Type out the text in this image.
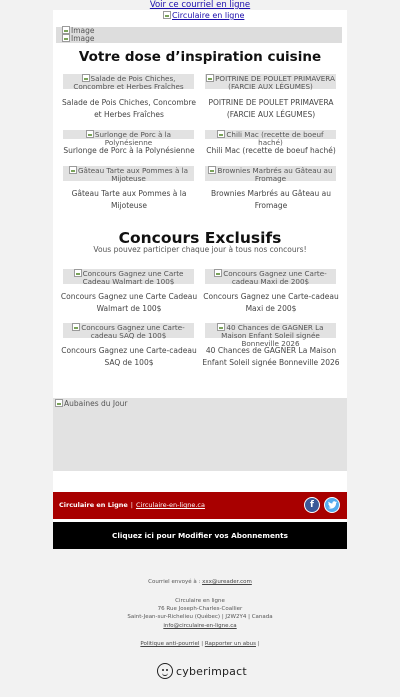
Voir ce courriel en ligne
Circulaire en ligne
Image
Image
Votre dose d’inspiration cuisine
Salade de Pois Chiches, Concombre et Herbes Fraîches
POITRINE DE POULET PRIMAVERA (FARCIE AUX LÉGUMES)
Salade de Pois Chiches, Concombre et Herbes Fraîches
POITRINE DE POULET PRIMAVERA (FARCIE AUX LÉGUMES)
Surlonge de Porc à la Polynésienne
Chili Mac (recette de boeuf haché)
Surlonge de Porc à la Polynésienne	Chili Mac (recette de boeuf haché)
Gâteau Tarte aux Pommes à la Mijoteuse
Brownies Marbrés au Gâteau au Fromage
Gâteau Tarte aux Pommes à la Mijoteuse
Brownies Marbrés au Gâteau au Fromage
Concours Exclusifs
Vous pouvez participer chaque jour à tous nos concours!
Concours Gagnez une Carte Cadeau Walmart de 100$
Concours Gagnez une Carte-cadeau Maxi de 200$
Concours Gagnez une Carte Cadeau Walmart de 100$
Concours Gagnez une Carte-cadeau Maxi de 200$
Concours Gagnez une Carte-cadeau SAQ de 100$
40 Chances de GAGNER La Maison Enfant Soleil signée Bonneville 2026
Concours Gagnez une Carte-cadeau SAQ de 100$
40 Chances de GAGNER La Maison Enfant Soleil signée Bonneville 2026
Aubaines du Jour
Circulaire en Ligne | Circulaire-en-ligne.ca	f
Cliquez ici pour Modifier vos Abonnements
Courriel envoyé à : xxx@ureader.com
Circulaire en ligne
76 Rue Joseph-Charles-Coallier
Saint-Jean-sur-Richelieu (Québec) | J2W2Y4 | Canada
info@circulaire-en-ligne.ca
Politique anti-pourriel | Rapporter un abus |
cyberimpact
